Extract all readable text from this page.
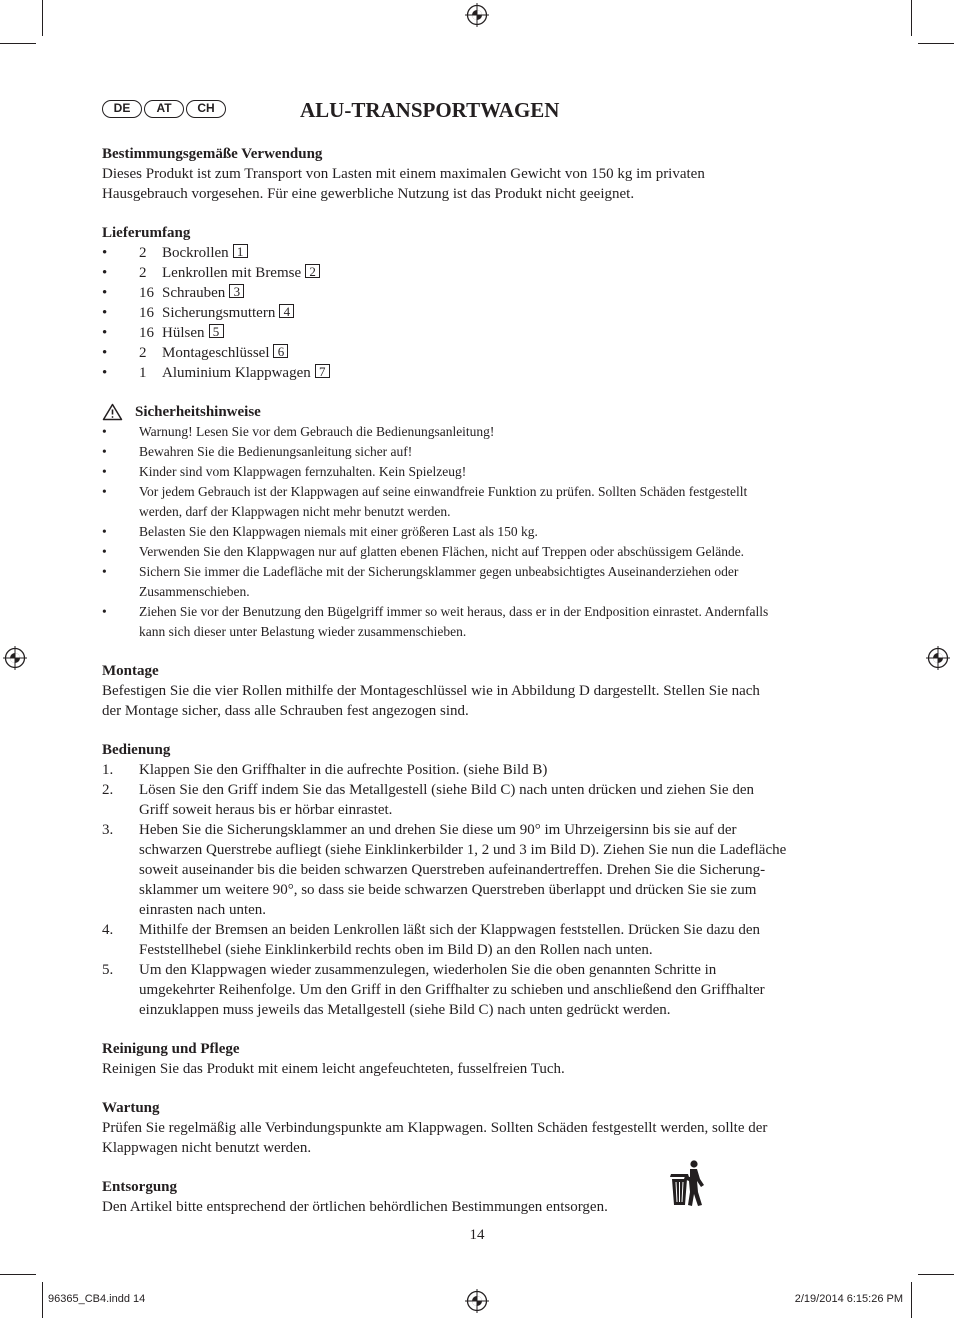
DE	AT	CH	ALU-TRANSPORTWAGEN
Bestimmungsgemäße Verwendung

Dieses Produkt ist zum Transport von Lasten mit einem maximalen Gewicht von 150 kg im privaten

Hausgebrauch vorgesehen. Für eine gewerbliche Nutzung ist das Produkt nicht geeignet.

Lieferumfang
• 2 Bockrollen 1
• 2 Lenkrollen mit Bremse 2
• 16 Schrauben 3
• 16 Sicherungsmuttern 4
• 16 Hülsen 5
• 2 Montageschlüssel 6
• 1 Aluminium Klappwagen 7
Sicherheitshinweise
• Warnung! Lesen Sie vor dem Gebrauch die Bedienungsanleitung!
• Bewahren Sie die Bedienungsanleitung sicher auf!
• Kinder sind vom Klappwagen fernzuhalten. Kein Spielzeug!
• Vor jedem Gebrauch ist der Klappwagen auf seine einwandfreie Funktion zu prüfen. Sollten Schäden festgestellt
werden, darf der Klappwagen nicht mehr benutzt werden.
• Belasten Sie den Klappwagen niemals mit einer größeren Last als 150 kg.
• Verwenden Sie den Klappwagen nur auf glatten ebenen Flächen, nicht auf Treppen oder abschüssigem Gelände.
• Sichern Sie immer die Ladefläche mit der Sicherungsklammer gegen unbeabsichtigtes Auseinanderziehen oder
Zusammenschieben.
• Ziehen Sie vor der Benutzung den Bügelgriff immer so weit heraus, dass er in der Endposition einrastet. Andernfalls
kann sich dieser unter Belastung wieder zusammenschieben.
Montage

Befestigen Sie die vier Rollen mithilfe der Montageschlüssel wie in Abbildung D dargestellt. Stellen Sie nach

der Montage sicher, dass alle Schrauben fest angezogen sind.

Bedienung
1. Klappen Sie den Griffhalter in die aufrechte Position. (siehe Bild B)
2. Lösen Sie den Griff indem Sie das Metallgestell (siehe Bild C) nach unten drücken und ziehen Sie den
Griff soweit heraus bis er hörbar einrastet.
3. Heben Sie die Sicherungsklammer an und drehen Sie diese um 90° im Uhrzeigersinn bis sie auf der
schwarzen Querstrebe aufliegt (siehe Einklinkerbilder 1, 2 und 3 im Bild D). Ziehen Sie nun die Ladefläche
soweit auseinander bis die beiden schwarzen Querstreben aufeinandertreffen. Drehen Sie die Sicherung-
sklammer um weitere 90°, so dass sie beide schwarzen Querstreben überlappt und drücken Sie sie zum
einrasten nach unten.
4. Mithilfe der Bremsen an beiden Lenkrollen läßt sich der Klappwagen feststellen. Drücken Sie dazu den
Feststellhebel (siehe Einklinkerbild rechts oben im Bild D) an den Rollen nach unten.
5. Um den Klappwagen wieder zusammenzulegen, wiederholen Sie die oben genannten Schritte in
umgekehrter Reihenfolge. Um den Griff in den Griffhalter zu schieben und anschließend den Griffhalter
einzuklappen muss jeweils das Metallgestell (siehe Bild C) nach unten gedrückt werden.
Reinigung und Pflege

Reinigen Sie das Produkt mit einem leicht angefeuchteten, fusselfreien Tuch.

Wartung

Prüfen Sie regelmäßig alle Verbindungspunkte am Klappwagen. Sollten Schäden festgestellt werden, sollte der

Klappwagen nicht benutzt werden.

Entsorgung

Den Artikel bitte entsprechend der örtlichen behördlichen Bestimmungen entsorgen.

14
96365_CB4.indd 14	2/19/2014 6:15:26 PM
